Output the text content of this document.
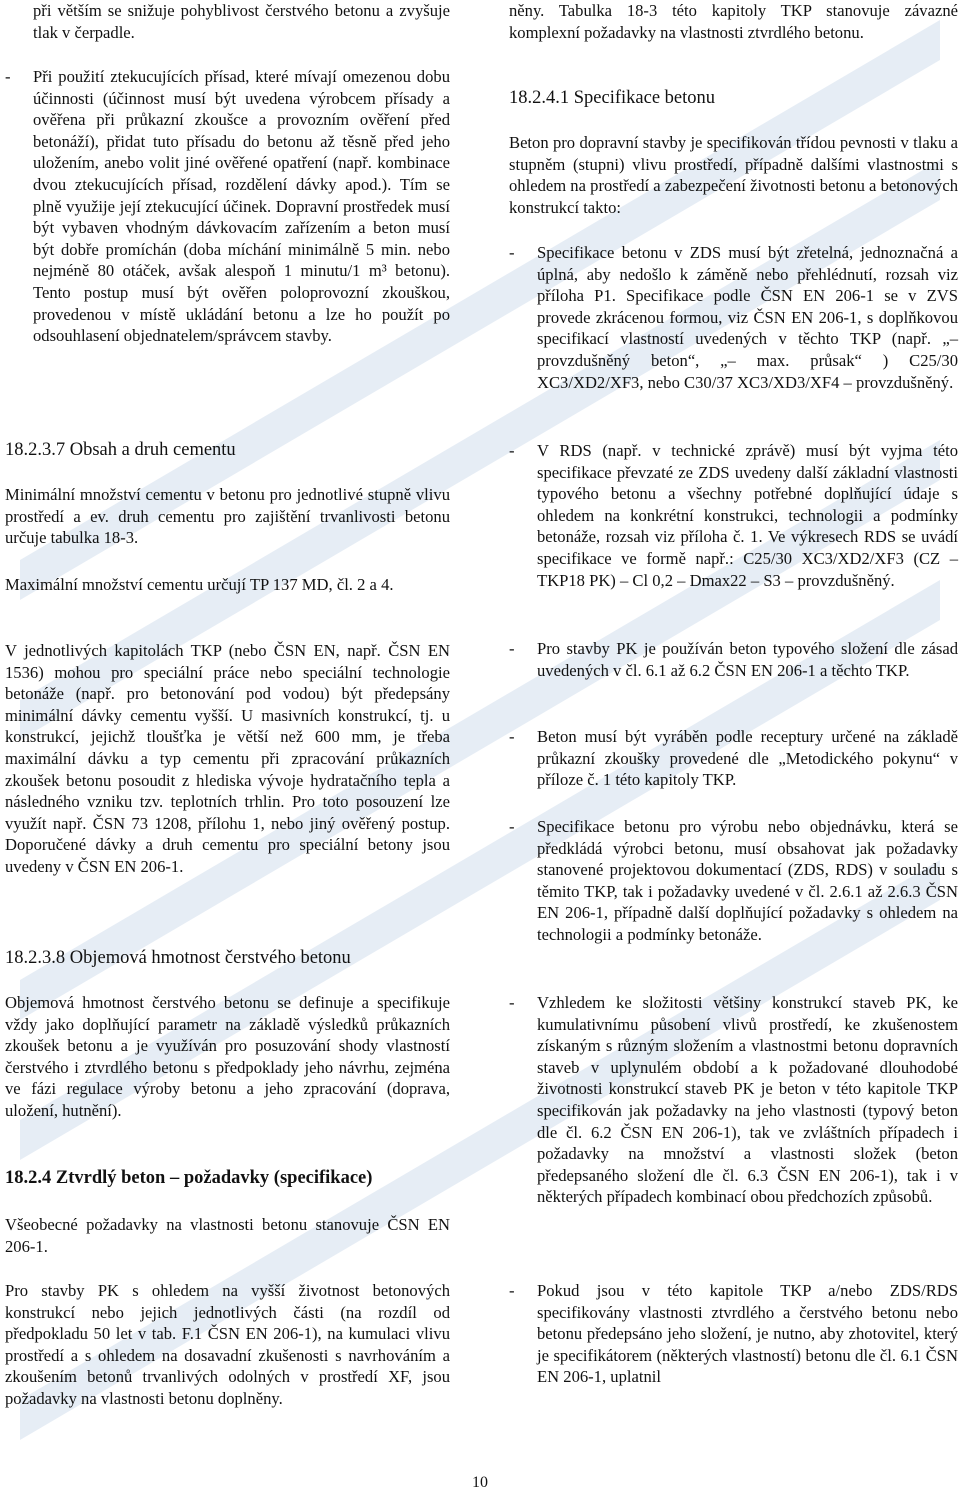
při větším se snižuje pohyblivost čerstvého betonu a zvyšuje tlak v čerpadle.

- Při použití ztekucujících přísad, které mívají omezenou dobu účinnosti (účinnost musí být uvedena výrobcem přísady a ověřena při průkazní zkoušce a provozním ověření před betonáží), přidat tuto přísadu do betonu až těsně před jeho uložením, anebo volit jiné ověřené opatření (např. kombinace dvou ztekucujících přísad, rozdělení dávky apod.). Tím se plně využije její ztekucující účinek. Dopravní prostředek musí být vybaven vhodným dávkovacím zařízením a beton musí být dobře promíchán (doba míchání minimálně 5 min. nebo nejméně 80 otáček, avšak alespoň 1 minutu/1 m³ betonu). Tento postup musí být ověřen poloprovozní zkouškou, provedenou v místě ukládání betonu a lze ho použít po odsouhlasení objednatelem/správcem stavby.

18.2.3.7 Obsah a druh cementu

Minimální množství cementu v betonu pro jednotlivé stupně vlivu prostředí a ev. druh cementu pro zajištění trvanlivosti betonu určuje tabulka 18-3.

Maximální množství cementu určují TP 137 MD, čl. 2 a 4.

V jednotlivých kapitolách TKP (nebo ČSN EN, např. ČSN EN 1536) mohou pro speciální práce nebo speciální technologie betonáže (např. pro betonování pod vodou) být předepsány minimální dávky cementu vyšší. U masivních konstrukcí, tj. u konstrukcí, jejichž tloušťka je větší než 600 mm, je třeba maximální dávku a typ cementu při zpracování průkazních zkoušek betonu posoudit z hlediska vývoje hydratačního tepla a následného vzniku tzv. teplotních trhlin. Pro toto posouzení lze využít např. ČSN 73 1208, přílohu 1, nebo jiný ověřený postup. Doporučené dávky a druh cementu pro speciální betony jsou uvedeny v ČSN EN 206-1.

18.2.3.8 Objemová hmotnost čerstvého betonu

Objemová hmotnost čerstvého betonu se definuje a specifikuje vždy jako doplňující parametr na základě výsledků průkazních zkoušek betonu a je využíván pro posuzování shody vlastností čerstvého i ztvrdlého betonu s předpoklady jeho návrhu, zejména ve fázi regulace výroby betonu a jeho zpracování (doprava, uložení, hutnění).

18.2.4 Ztvrdlý beton – požadavky (specifikace)

Všeobecné požadavky na vlastnosti betonu stanovuje ČSN EN 206-1.

Pro stavby PK s ohledem na vyšší životnost betonových konstrukcí nebo jejich jednotlivých části (na rozdíl od předpokladu 50 let v tab. F.1 ČSN EN 206-1), na kumulaci vlivu prostředí a s ohledem na dosavadní zkušenosti s navrhováním a zkoušením betonů trvanlivých odolných v prostředí XF, jsou požadavky na vlastnosti betonu doplněny.

něny. Tabulka 18-3 této kapitoly TKP stanovuje závazné komplexní požadavky na vlastnosti ztvrdlého betonu.

18.2.4.1 Specifikace betonu

Beton pro dopravní stavby je specifikován třídou pevnosti v tlaku a stupněm (stupni) vlivu prostředí, případně dalšími vlastnostmi s ohledem na prostředí a zabezpečení životnosti betonu a betonových konstrukcí takto:

- Specifikace betonu v ZDS musí být zřetelná, jednoznačná a úplná, aby nedošlo k záměně nebo přehlédnutí, rozsah viz příloha P1. Specifikace podle ČSN EN 206-1 se v ZVS provede zkrácenou formou, viz ČSN EN 206-1, s doplňkovou specifikací vlastností uvedených v těchto TKP (např. „– provzdušněný beton“, „– max. průsak“ ) C25/30 XC3/XD2/XF3, nebo C30/37 XC3/XD3/XF4 – provzdušněný.

- V RDS (např. v technické zprávě) musí být vyjma této specifikace převzaté ze ZDS uvedeny další základní vlastnosti typového betonu a všechny potřebné doplňující údaje s ohledem na konkrétní konstrukci, technologii a podmínky betonáže, rozsah viz příloha č. 1. Ve výkresech RDS se uvádí specifikace ve formě např.: C25/30 XC3/XD2/XF3 (CZ – TKP18 PK) – Cl 0,2 – Dmax22 – S3 – provzdušněný.

- Pro stavby PK je používán beton typového složení dle zásad uvedených v čl. 6.1 až 6.2 ČSN EN 206-1 a těchto TKP.

- Beton musí být vyráběn podle receptury určené na základě průkazní zkoušky provedené dle „Metodického pokynu“ v příloze č. 1 této kapitoly TKP.

- Specifikace betonu pro výrobu nebo objednávku, která se předkládá výrobci betonu, musí obsahovat jak požadavky stanovené projektovou dokumentací (ZDS, RDS) v souladu s těmito TKP, tak i požadavky uvedené v čl. 2.6.1 až 2.6.3 ČSN EN 206-1, případně další doplňující požadavky s ohledem na technologii a podmínky betonáže.

- Vzhledem ke složitosti většiny konstrukcí staveb PK, ke kumulativnímu působení vlivů prostředí, ke zkušenostem získaným s různým složením a vlastnostmi betonu dopravních staveb v uplynulém období a k požadované dlouhodobé životnosti konstrukcí staveb PK je beton v této kapitole TKP specifikován jak požadavky na jeho vlastnosti (typový beton dle čl. 6.2 ČSN EN 206-1), tak ve zvláštních případech i požadavky na množství a vlastnosti složek (beton předepsaného složení dle čl. 6.3 ČSN EN 206-1), tak i v některých případech kombinací obou předchozích způsobů.

- Pokud jsou v této kapitole TKP a/nebo ZDS/RDS specifikovány vlastnosti ztvrdlého a čerstvého betonu nebo betonu předepsáno jeho složení, je nutno, aby zhotovitel, který je specifikátorem (některých vlastností) betonu dle čl. 6.1 ČSN EN 206-1, uplatnil

10
